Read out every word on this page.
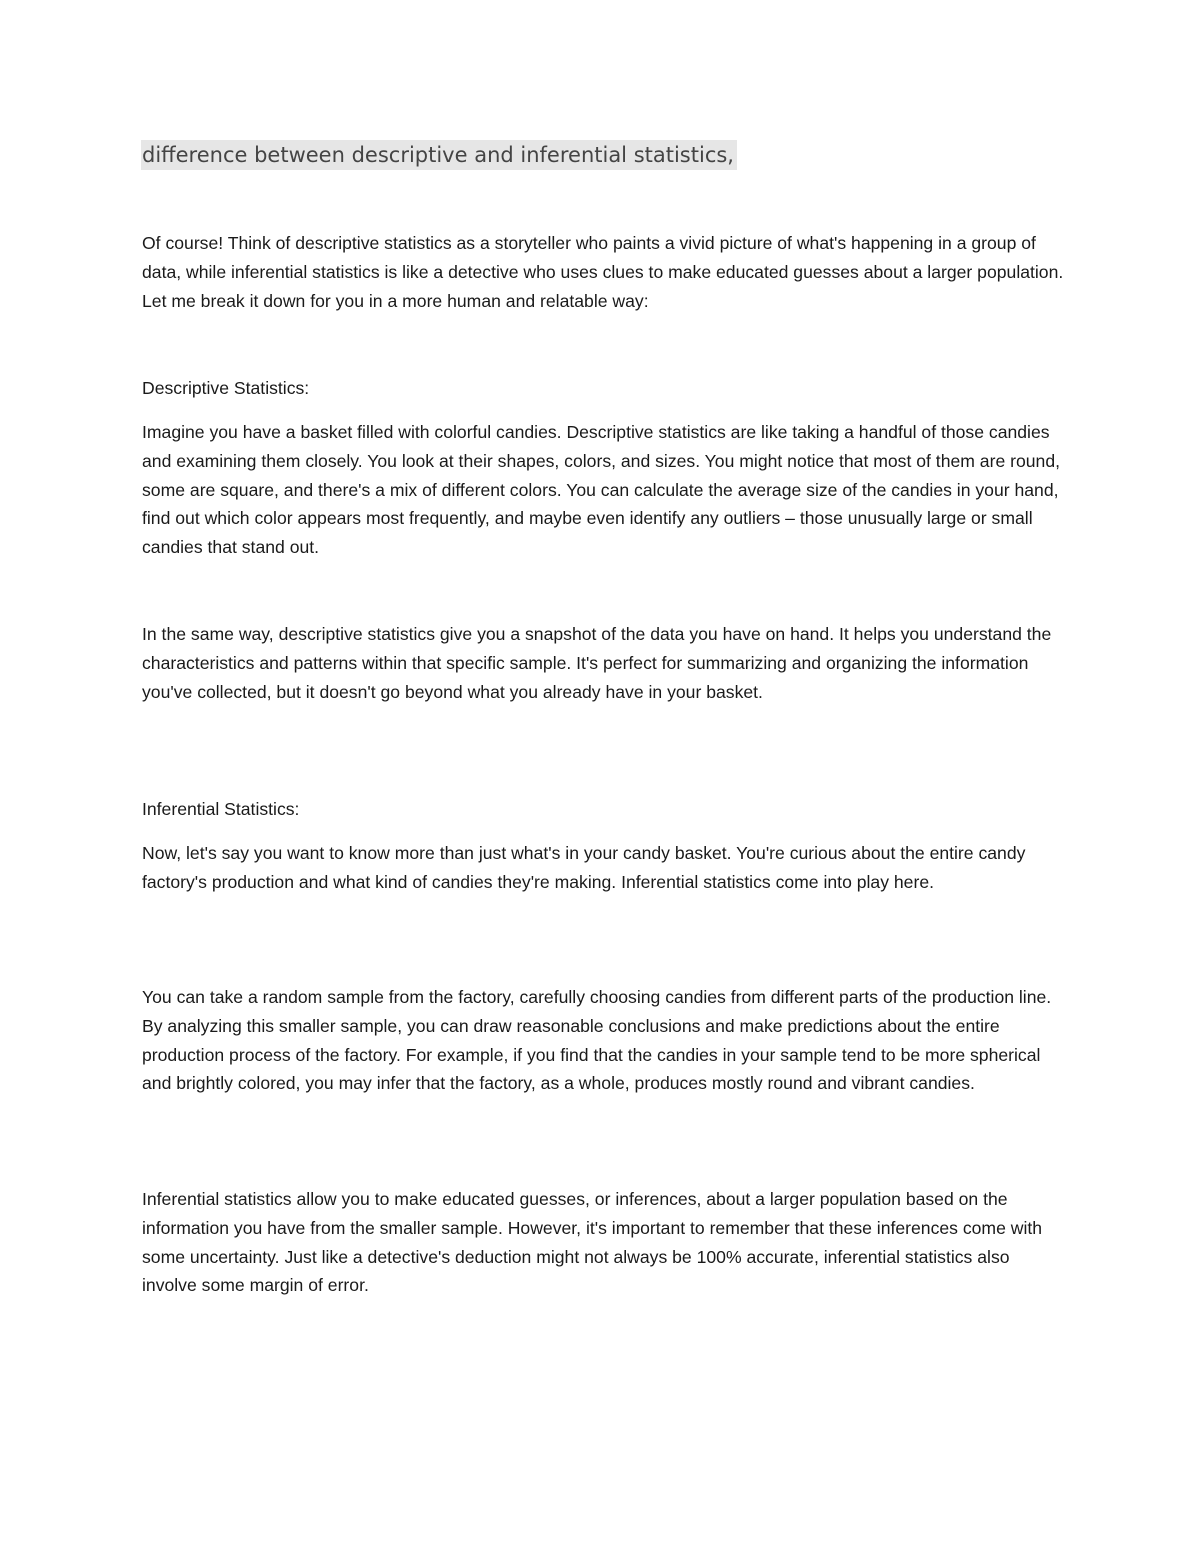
difference between descriptive and inferential statistics,

Of course! Think of descriptive statistics as a storyteller who paints a vivid picture of what's happening in a group of data, while inferential statistics is like a detective who uses clues to make educated guesses about a larger population. Let me break it down for you in a more human and relatable way:

Descriptive Statistics:

Imagine you have a basket filled with colorful candies. Descriptive statistics are like taking a handful of those candies and examining them closely. You look at their shapes, colors, and sizes. You might notice that most of them are round, some are square, and there's a mix of different colors. You can calculate the average size of the candies in your hand, find out which color appears most frequently, and maybe even identify any outliers – those unusually large or small candies that stand out.

In the same way, descriptive statistics give you a snapshot of the data you have on hand. It helps you understand the characteristics and patterns within that specific sample. It's perfect for summarizing and organizing the information you've collected, but it doesn't go beyond what you already have in your basket.

Inferential Statistics:

Now, let's say you want to know more than just what's in your candy basket. You're curious about the entire candy factory's production and what kind of candies they're making. Inferential statistics come into play here.

You can take a random sample from the factory, carefully choosing candies from different parts of the production line. By analyzing this smaller sample, you can draw reasonable conclusions and make predictions about the entire production process of the factory. For example, if you find that the candies in your sample tend to be more spherical and brightly colored, you may infer that the factory, as a whole, produces mostly round and vibrant candies.

Inferential statistics allow you to make educated guesses, or inferences, about a larger population based on the information you have from the smaller sample. However, it's important to remember that these inferences come with some uncertainty. Just like a detective's deduction might not always be 100% accurate, inferential statistics also involve some margin of error.
